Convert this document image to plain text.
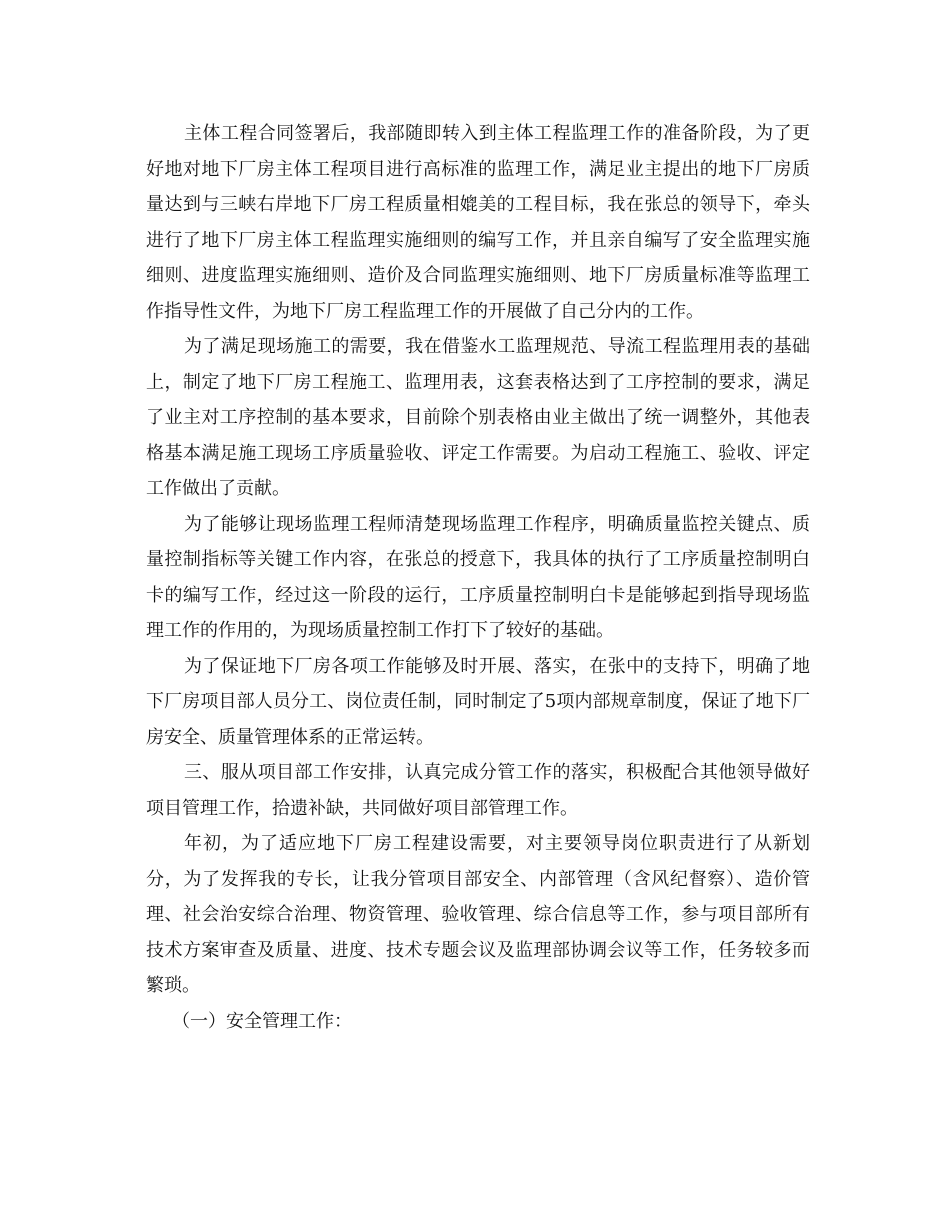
主体工程合同签署后，我部随即转入到主体工程监理工作的准备阶段，为了更好地对地下厂房主体工程项目进行高标准的监理工作，满足业主提出的地下厂房质量达到与三峡右岸地下厂房工程质量相媲美的工程目标，我在张总的领导下，牵头进行了地下厂房主体工程监理实施细则的编写工作，并且亲自编写了安全监理实施细则、进度监理实施细则、造价及合同监理实施细则、地下厂房质量标准等监理工作指导性文件，为地下厂房工程监理工作的开展做了自己分内的工作。

为了满足现场施工的需要，我在借鉴水工监理规范、导流工程监理用表的基础上，制定了地下厂房工程施工、监理用表，这套表格达到了工序控制的要求，满足了业主对工序控制的基本要求，目前除个别表格由业主做出了统一调整外，其他表格基本满足施工现场工序质量验收、评定工作需要。为启动工程施工、验收、评定工作做出了贡献。

为了能够让现场监理工程师清楚现场监理工作程序，明确质量监控关键点、质量控制指标等关键工作内容，在张总的授意下，我具体的执行了工序质量控制明白卡的编写工作，经过这一阶段的运行，工序质量控制明白卡是能够起到指导现场监理工作的作用的，为现场质量控制工作打下了较好的基础。

为了保证地下厂房各项工作能够及时开展、落实，在张中的支持下，明确了地下厂房项目部人员分工、岗位责任制，同时制定了5项内部规章制度，保证了地下厂房安全、质量管理体系的正常运转。

三、服从项目部工作安排，认真完成分管工作的落实，积极配合其他领导做好项目管理工作，拾遗补缺，共同做好项目部管理工作。

年初，为了适应地下厂房工程建设需要，对主要领导岗位职责进行了从新划分，为了发挥我的专长，让我分管项目部安全、内部管理（含风纪督察）、造价管理、社会治安综合治理、物资管理、验收管理、综合信息等工作，参与项目部所有技术方案审查及质量、进度、技术专题会议及监理部协调会议等工作，任务较多而繁琐。

（一）安全管理工作：
